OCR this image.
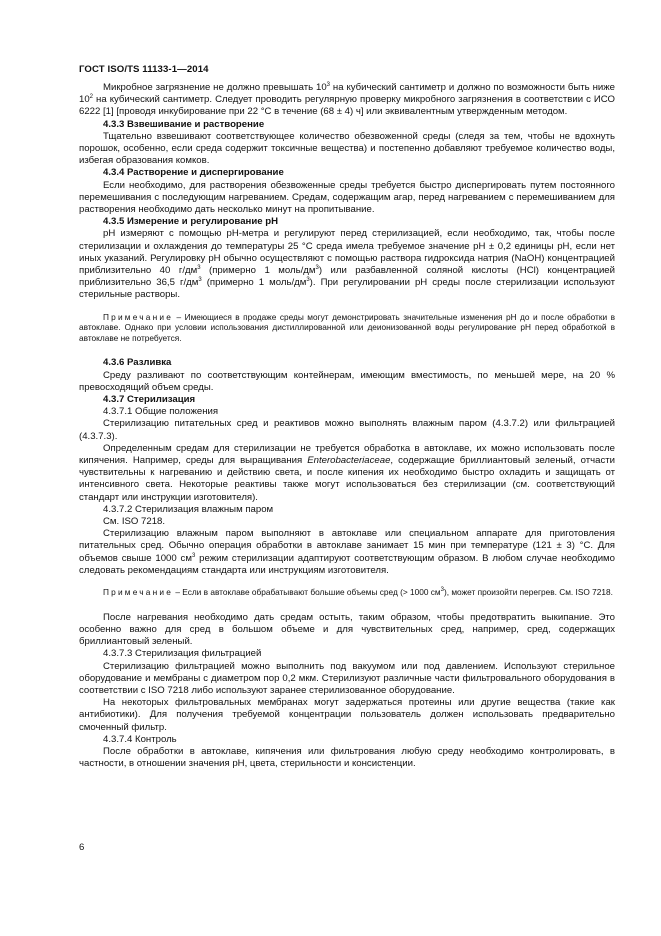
ГОСТ ISO/TS 11133-1—2014

Микробное загрязнение не должно превышать $10^3$ на кубический сантиметр и должно по возможности быть ниже $10^2$ на кубический сантиметр. Следует проводить регулярную проверку микробного загрязнения в соответствии с ИСО 6222 [1] [проводя инкубирование при 22 °С в течение (68 ± 4) ч] или эквивалентным утвержденным методом.

4.3.3 Взвешивание и растворение

Тщательно взвешивают соответствующее количество обезвоженной среды (следя за тем, чтобы не вдохнуть порошок, особенно, если среда содержит токсичные вещества) и постепенно добавляют требуемое количество воды, избегая образования комков.

4.3.4 Растворение и диспергирование

Если необходимо, для растворения обезвоженные среды требуется быстро диспергировать путем постоянного перемешивания с последующим нагреванием. Средам, содержащим агар, перед нагреванием с перемешиванием для растворения необходимо дать несколько минут на пропитывание.

4.3.5 Измерение и регулирование рН

рН измеряют с помощью рН-метра и регулируют перед стерилизацией, если необходимо, так, чтобы после стерилизации и охлаждения до температуры 25 °C среда имела требуемое значение рН ± 0,2 единицы рН, если нет иных указаний. Регулировку рН обычно осуществляют с помощью раствора гидроксида натрия (NaOH) концентрацией приблизительно 40 $г/дм^3$ (примерно 1 моль/$дм^3$) или разбавленной соляной кислоты (HCl) концентрацией приблизительно 36,5 $г/дм^3$ (примерно 1 моль/$дм^3$). При регулировании рН среды после стерилизации используют стерильные растворы.

Примечание – Имеющиеся в продаже среды могут демонстрировать значительные изменения рН до и после обработки в автоклаве. Однако при условии использования дистиллированной или деионизованной воды регулирование рН перед обработкой в автоклаве не потребуется.

4.3.6 Разливка

Среду разливают по соответствующим контейнерам, имеющим вместимость, по меньшей мере, на 20 % превосходящий объем среды.

4.3.7 Стерилизация

4.3.7.1 Общие положения

Стерилизацию питательных сред и реактивов можно выполнять влажным паром (4.3.7.2) или фильтрацией (4.3.7.3).

Определенным средам для стерилизации не требуется обработка в автоклаве, их можно использовать после кипячения. Например, среды для выращивания Enterobacteriaceae, содержащие бриллиантовый зеленый, отчасти чувствительны к нагреванию и действию света, и после кипения их необходимо быстро охладить и защищать от интенсивного света. Некоторые реактивы также могут использоваться без стерилизации (см. соответствующий стандарт или инструкции изготовителя).

4.3.7.2 Стерилизация влажным паром

См. ISO 7218.

Стерилизацию влажным паром выполняют в автоклаве или специальном аппарате для приготовления питательных сред. Обычно операция обработки в автоклаве занимает 15 мин при температуре (121 ± 3) °С. Для объемов свыше 1000 $см^3$ режим стерилизации адаптируют соответствующим образом. В любом случае необходимо следовать рекомендациям стандарта или инструкциям изготовителя.

Примечание – Если в автоклаве обрабатывают большие объемы сред (> 1000 $см^3$), может произойти перегрев. См. ISO 7218.

После нагревания необходимо дать средам остыть, таким образом, чтобы предотвратить выкипание. Это особенно важно для сред в большом объеме и для чувствительных сред, например, сред, содержащих бриллиантовый зеленый.

4.3.7.3 Стерилизация фильтрацией

Стерилизацию фильтрацией можно выполнить под вакуумом или под давлением. Используют стерильное оборудование и мембраны с диаметром пор 0,2 мкм. Стерилизуют различные части фильтровального оборудования в соответствии с ISO 7218 либо используют заранее стерилизованное оборудование.

На некоторых фильтровальных мембранах могут задержаться протеины или другие вещества (такие как антибиотики). Для получения требуемой концентрации пользователь должен использовать предварительно смоченный фильтр.

4.3.7.4 Контроль

После обработки в автоклаве, кипячения или фильтрования любую среду необходимо контролировать, в частности, в отношении значения рН, цвета, стерильности и консистенции.

6
